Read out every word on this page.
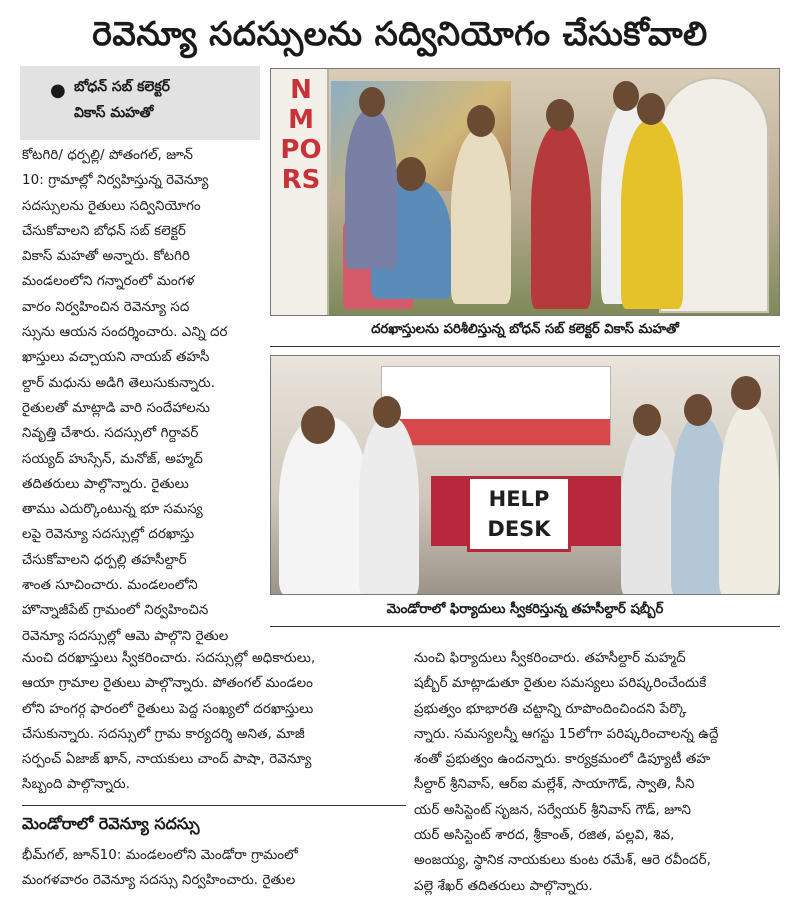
రెవెన్యూ సదస్సులను సద్వినియోగం చేసుకోవాలి
● బోధన్ సబ్ కలెక్టర్
వికాస్ మహతో

కోటగిరి/ ధర్పల్లి/ పోతంగల్, జూన్
10: గ్రామాల్లో నిర్వహిస్తున్న రెవెన్యూ
సదస్సులను రైతులు సద్వినియోగం
చేసుకోవాలని బోధన్ సబ్ కలెక్టర్
వికాస్ మహతో అన్నారు. కోటగిరి
మండలంలోని గన్నారంలో మంగళ
వారం నిర్వహించిన రెవెన్యూ సద
స్సును ఆయన సందర్శించారు. ఎన్ని దర
ఖాస్తులు వచ్చాయని నాయబ్ తహసీ
ల్దార్ మధును అడిగి తెలుసుకున్నారు.
రైతులతో మాట్లాడి వారి సందేహాలను
నివృత్తి చేశారు. సదస్సులో గిర్దావర్
సయ్యద్ హుస్సేన్, మనోజ్, అహ్మద్
తదితరులు పాల్గొన్నారు. రైతులు
తాము ఎదుర్కొంటున్న భూ సమస్య
లపై రెవెన్యూ సదస్సుల్లో దరఖాస్తు
చేసుకోవాలని ధర్పల్లి తహసీల్దార్
శాంత సూచించారు. మండలంలోని
హొన్నాజీపేట్ గ్రామంలో నిర్వహించిన
రెవెన్యూ సదస్సుల్లో ఆమె పాల్గొని రైతుల

NMPORS
దరఖాస్తులను పరిశీలిస్తున్న బోధన్ సబ్ కలెక్టర్ వికాస్ మహతో
HELP
DESK
మెండోరాలో ఫిర్యాదులు స్వీకరిస్తున్న తహసీల్దార్ షబ్బీర్

నుంచి దరఖాస్తులు స్వీకరించారు. సదస్సుల్లో అధికారులు,
ఆయా గ్రామాల రైతులు పాల్గొన్నారు. పోతంగల్ మండలం
లోని హంగర్గ ఫారంలో రైతులు పెద్ద సంఖ్యలో దరఖాస్తులు
చేసుకున్నారు. సదస్సులో గ్రామ కార్యదర్శి అనిత, మాజీ
సర్పంచ్ ఏజాజ్ ఖాన్, నాయకులు చాంద్ పాషా, రెవెన్యూ
సిబ్బంది పాల్గొన్నారు.

మెండోరాలో రెవెన్యూ సదస్సు

భీమ్‌గల్, జూన్10: మండలంలోని మెండోరా గ్రామంలో
మంగళవారం రెవెన్యూ సదస్సు నిర్వహించారు. రైతుల

నుంచి ఫిర్యాదులు స్వీకరించారు. తహసీల్దార్ మహ్మద్
షబ్బీర్ మాట్లాడుతూ రైతుల సమస్యలు పరిష్కరించేందుకే
ప్రభుత్వం భూభారతి చట్టాన్ని రూపొందించిందని పేర్కొ
న్నారు. సమస్యలన్నీ ఆగస్టు 15లోగా పరిష్కరించాలన్న ఉద్దే
శంతో ప్రభుత్వం ఉందన్నారు. కార్యక్రమంలో డిప్యూటీ తహ
సీల్దార్ శ్రీనివాస్, ఆర్ఐ మల్లేశ్, సాయాగౌడ్, స్వాతి, సీని
యర్ అసిస్టెంట్ సృజన, సర్వేయర్ శ్రీనివాస్ గౌడ్, జూని
యర్ అసిస్టెంట్ శారద, శ్రీకాంత్, రజిత, పల్లవి, శివ,
అంజయ్య, స్థానిక నాయకులు కుంట రమేశ్, ఆరె రవీందర్,
పల్లె శేఖర్ తదితరులు పాల్గొన్నారు.
